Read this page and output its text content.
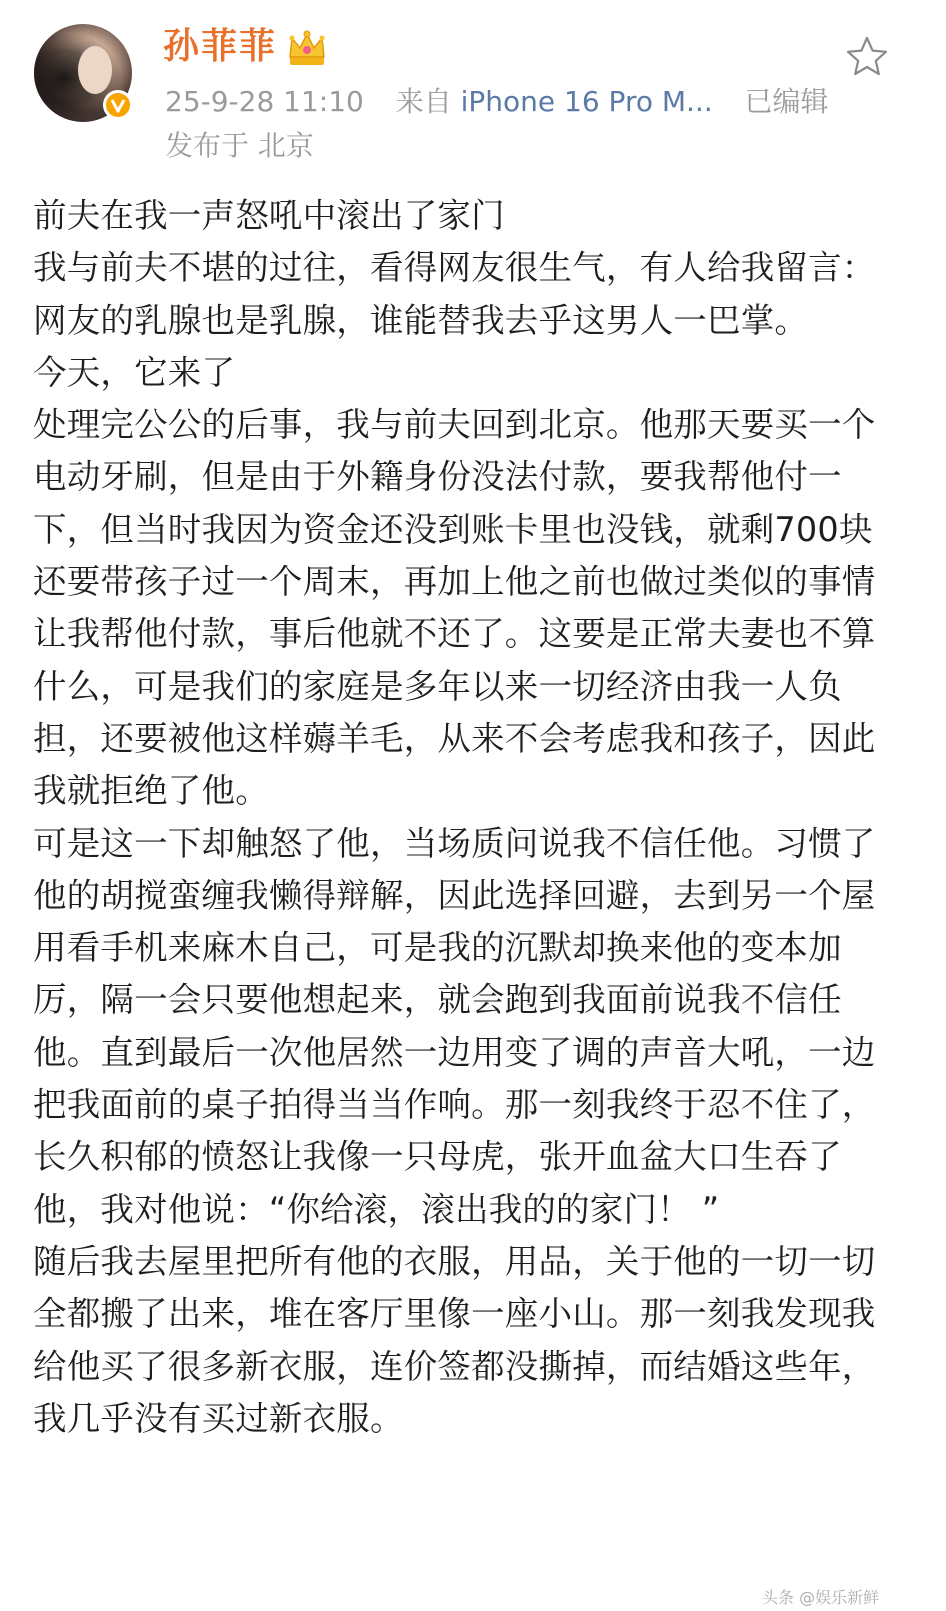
孙菲菲
25-9-28 11:10 来自 iPhone 16 Pro M... 已编辑
发布于 北京

前夫在我一声怒吼中滚出了家门

我与前夫不堪的过往，看得网友很生气，有人给我留言：网友的乳腺也是乳腺，谁能替我去乎这男人一巴掌。

今天，它来了

处理完公公的后事，我与前夫回到北京。他那天要买一个电动牙刷，但是由于外籍身份没法付款，要我帮他付一下，但当时我因为资金还没到账卡里也没钱，就剩700块还要带孩子过一个周末，再加上他之前也做过类似的事情让我帮他付款，事后他就不还了。这要是正常夫妻也不算什么，可是我们的家庭是多年以来一切经济由我一人负担，还要被他这样薅羊毛，从来不会考虑我和孩子，因此我就拒绝了他。

可是这一下却触怒了他，当场质问说我不信任他。习惯了他的胡搅蛮缠我懒得辩解，因此选择回避，去到另一个屋用看手机来麻木自己，可是我的沉默却换来他的变本加厉，隔一会只要他想起来，就会跑到我面前说我不信任他。直到最后一次他居然一边用变了调的声音大吼，一边把我面前的桌子拍得当当作响。那一刻我终于忍不住了，长久积郁的愤怒让我像一只母虎，张开血盆大口生吞了他，我对他说：“你给滚，滚出我的的家门！ ”

随后我去屋里把所有他的衣服，用品，关于他的一切一切全都搬了出来，堆在客厅里像一座小山。那一刻我发现我给他买了很多新衣服，连价签都没撕掉，而结婚这些年，我几乎没有买过新衣服。

头条 @娱乐新鲜
